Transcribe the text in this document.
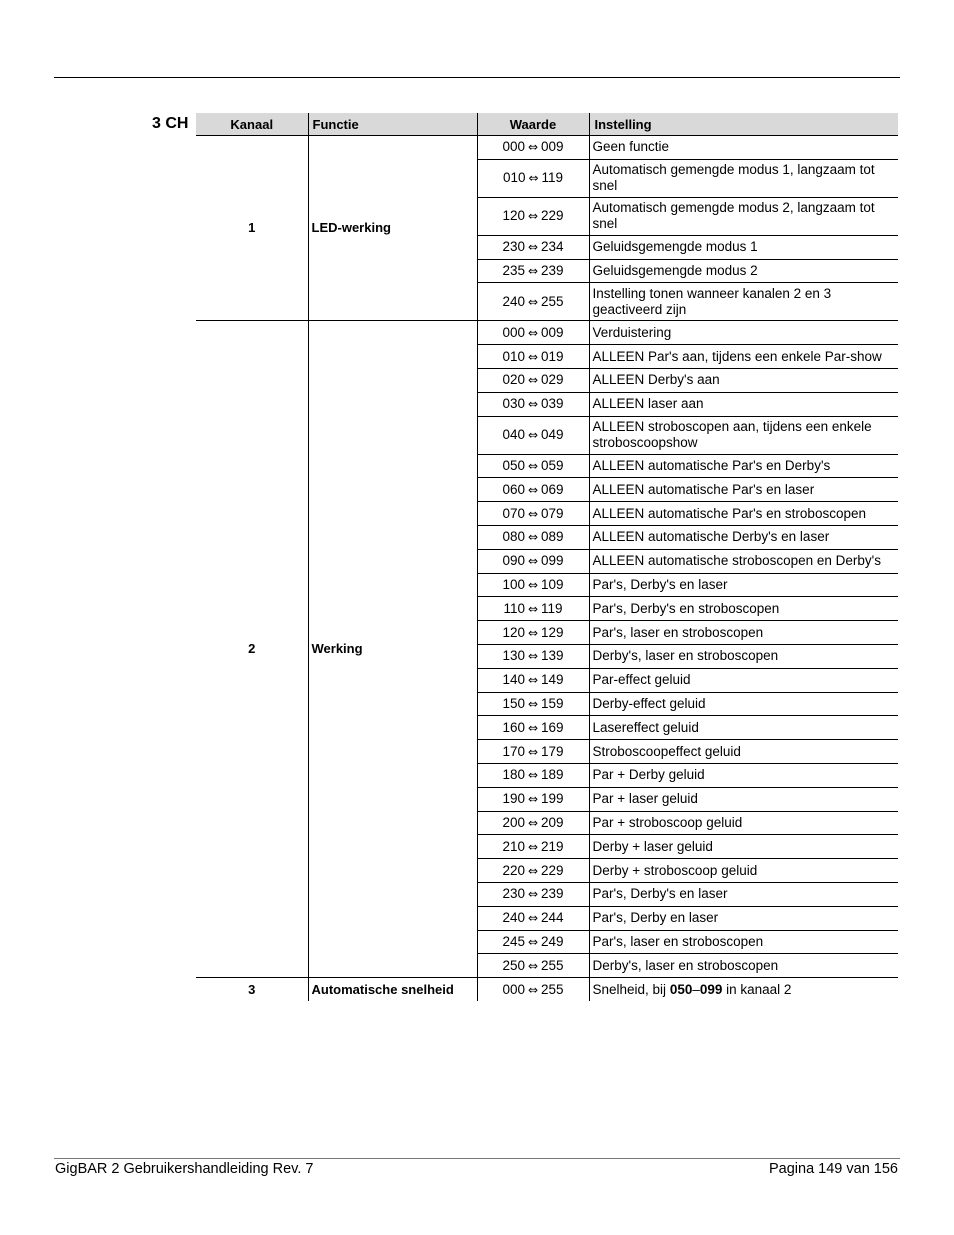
3 CH	Kanaal	Functie	Waarde	Instelling
1	LED-werking	000 ⇔ 009	Geen functie
		010 ⇔ 119	Automatisch gemengde modus 1, langzaam tot snel
		120 ⇔ 229	Automatisch gemengde modus 2, langzaam tot snel
		230 ⇔ 234	Geluidsgemengde modus 1
		235 ⇔ 239	Geluidsgemengde modus 2
		240 ⇔ 255	Instelling tonen wanneer kanalen 2 en 3 geactiveerd zijn
2	Werking	000 ⇔ 009	Verduistering
		010 ⇔ 019	ALLEEN Par's aan, tijdens een enkele Par-show
		020 ⇔ 029	ALLEEN Derby's aan
		030 ⇔ 039	ALLEEN laser aan
		040 ⇔ 049	ALLEEN stroboscopen aan, tijdens een enkele stroboscoopshow
		050 ⇔ 059	ALLEEN automatische Par's en Derby's
		060 ⇔ 069	ALLEEN automatische Par's en laser
		070 ⇔ 079	ALLEEN automatische Par's en stroboscopen
		080 ⇔ 089	ALLEEN automatische Derby's en laser
		090 ⇔ 099	ALLEEN automatische stroboscopen en Derby's
		100 ⇔ 109	Par's, Derby's en laser
		110 ⇔ 119	Par's, Derby's en stroboscopen
		120 ⇔ 129	Par's, laser en stroboscopen
		130 ⇔ 139	Derby's, laser en stroboscopen
		140 ⇔ 149	Par-effect geluid
		150 ⇔ 159	Derby-effect geluid
		160 ⇔ 169	Lasereffect geluid
		170 ⇔ 179	Stroboscoopeffect geluid
		180 ⇔ 189	Par + Derby geluid
		190 ⇔ 199	Par + laser geluid
		200 ⇔ 209	Par + stroboscoop geluid
		210 ⇔ 219	Derby + laser geluid
		220 ⇔ 229	Derby + stroboscoop geluid
		230 ⇔ 239	Par's, Derby's en laser
		240 ⇔ 244	Par's, Derby en laser
		245 ⇔ 249	Par's, laser en stroboscopen
		250 ⇔ 255	Derby's, laser en stroboscopen
3	Automatische snelheid	000 ⇔ 255	Snelheid, bij 050–099 in kanaal 2
GigBAR 2 Gebruikershandleiding Rev. 7	Pagina 149 van 156
